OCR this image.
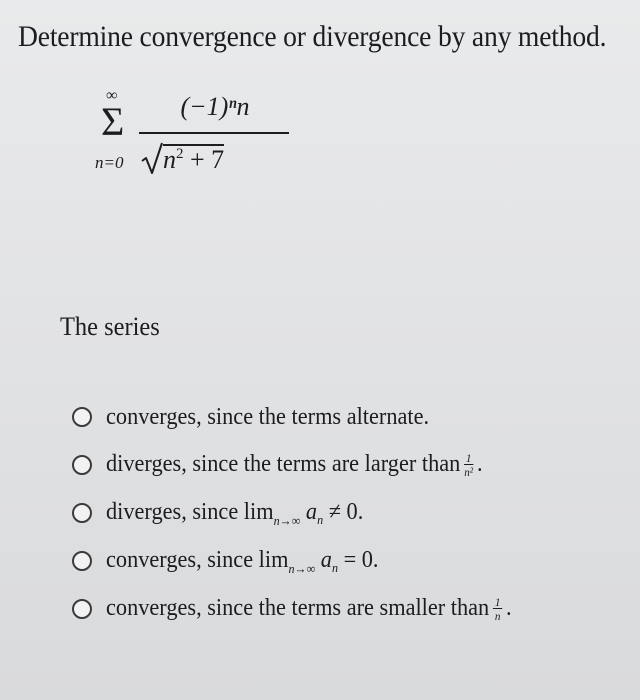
Determine convergence or divergence by any method.
∞
Σ
n=0
(−1)ⁿn
$n^2 + 7$
The series
converges, since the terms alternate.
diverges, since the terms are larger than $\frac{1}{\text{n²}}$ .
diverges, since $\lim_{n\to\infty} a_n \ne 0$.
converges, since $\lim_{n\to\infty} a_n = 0$.
converges, since the terms are smaller than $\frac{1}{n}$ .
